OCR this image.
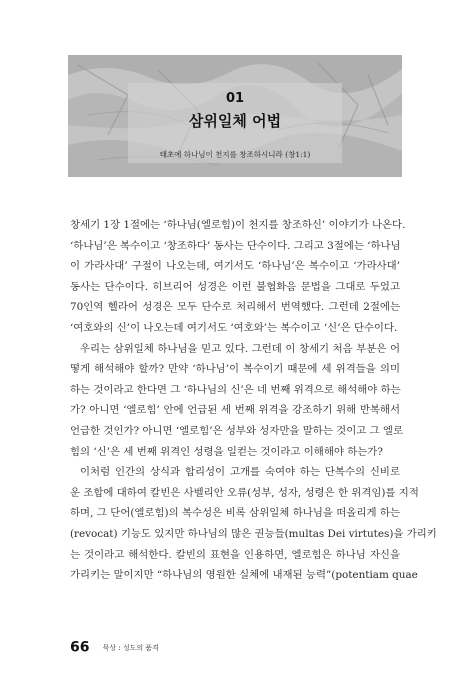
01
삼위일체 어법
태초에 하나님이 천지를 창조하시니라 (창1:1)
창세기 1장 1절에는 ‘하나님(엘로힘)이 천지를 창조하신’ 이야기가 나온다.
‘하나님’은 복수이고 ‘창조하다’ 동사는 단수이다. 그리고 3절에는 ‘하나님
이 가라사대’ 구절이 나오는데, 여기서도 ‘하나님’은 복수이고 ‘가라사대’
동사는 단수이다. 히브리어 성경은 이런 불협화음 문법을 그대로 두었고
70인역 헬라어 성경은 모두 단수로 처리해서 번역했다. 그런데 2절에는
‘여호와의 신’이 나오는데 여기서도 ‘여호와’는 복수이고 ‘신’은 단수이다.
우리는 삼위일체 하나님을 믿고 있다. 그런데 이 창세기 처음 부분은 어
떻게 해석해야 할까? 만약 ‘하나님’이 복수이기 때문에 세 위격들을 의미
하는 것이라고 한다면 그 ‘하나님의 신’은 네 번째 위격으로 해석해야 하는
가? 아니면 ‘엘로힘’ 안에 언급된 세 번째 위격을 강조하기 위해 반복해서
언급한 것인가? 아니면 ‘엘로힘’은 성부와 성자만을 말하는 것이고 그 엘로
힘의 ‘신’은 세 번째 위격인 성령을 일컫는 것이라고 이해해야 하는가?
이처럼 인간의 상식과 합리성이 고개를 숙여야 하는 단복수의 신비로
운 조합에 대하여 칼빈은 사벨리안 오류(성부, 성자, 성령은 한 위격임)를 지적
하며, 그 단어(엘로힘)의 복수성은 비록 삼위일체 하나님을 떠올리게 하는
(revocat) 기능도 있지만 하나님의 많은 권능들(multas Dei virtutes)을 가리키
는 것이라고 해석한다. 칼빈의 표현을 인용하면, 엘로힘은 하나님 자신을
가리키는 말이지만 “하나님의 영원한 실체에 내재된 능력”(potentiam quae
66 묵상 : 성도의 품격
